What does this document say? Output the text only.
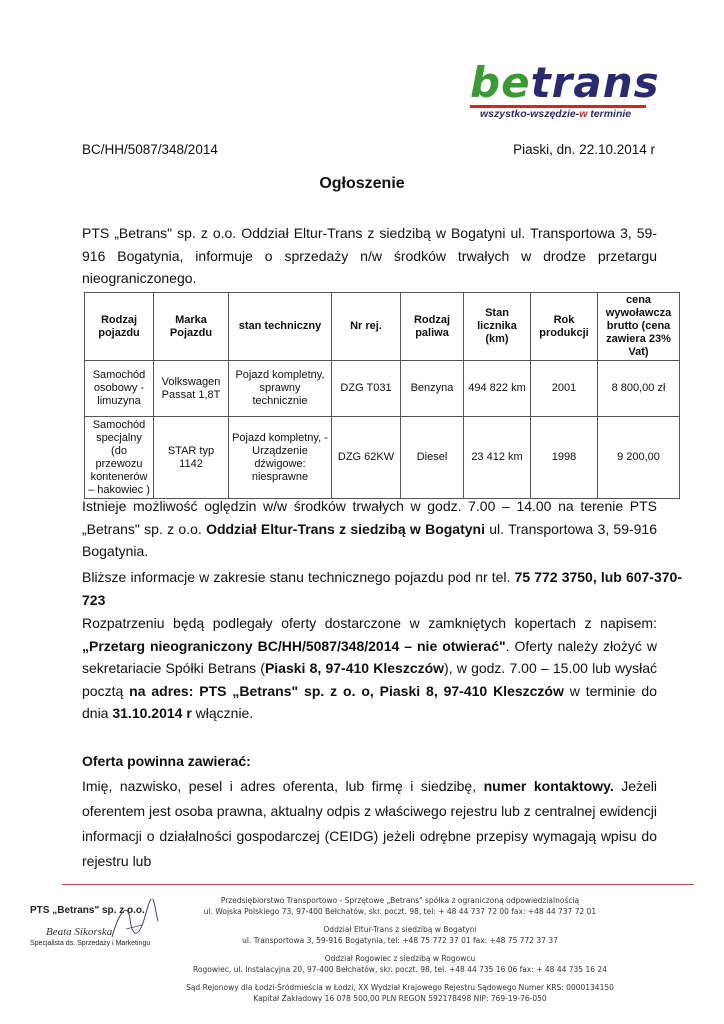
betrans
wszystko-wszędzie-w terminie
BC/HH/5087/348/2014	Piaski, dn. 22.10.2014 r
Ogłoszenie
PTS „Betrans" sp. z o.o. Oddział Eltur-Trans z siedzibą w Bogatyni ul. Transportowa 3, 59-916 Bogatynia, informuje o sprzedaży n/w środków trwałych w drodze przetargu nieograniczonego.
Rodzaj pojazdu	Marka Pojazdu	stan techniczny	Nr rej.	Rodzaj paliwa	Stan licznika (km)	Rok produkcji	cena wywoławcza brutto (cena zawiera 23% Vat)
Samochód osobowy - limuzyna	Volkswagen Passat 1,8T	Pojazd kompletny, sprawny technicznie	DZG T031	Benzyna	494 822 km	2001	8 800,00 zł
Samochód specjalny (do przewozu kontenerów – hakowiec )	STAR typ 1142	Pojazd kompletny, - Urządzenie dźwigowe: niesprawne	DZG 62KW	Diesel	23 412 km	1998	9 200,00
Istnieje możliwość oględzin w/w środków trwałych w godz. 7.00 – 14.00 na terenie PTS „Betrans" sp. z o.o. Oddział Eltur-Trans z siedzibą w Bogatyni ul. Transportowa 3, 59-916 Bogatynia.
Bliższe informacje w zakresie stanu technicznego pojazdu pod nr tel. 75 772 3750, lub 607-370-723
Rozpatrzeniu będą podlegały oferty dostarczone w zamkniętych kopertach z napisem: „Przetarg nieograniczony BC/HH/5087/348/2014 – nie otwierać". Oferty należy złożyć w sekretariacie Spółki Betrans (Piaski 8, 97-410 Kleszczów), w godz. 7.00 – 15.00 lub wysłać pocztą na adres: PTS „Betrans" sp. z o. o, Piaski 8, 97-410 Kleszczów w terminie do dnia 31.10.2014 r włącznie.
Oferta powinna zawierać:
Imię, nazwisko, pesel i adres oferenta, lub firmę i siedzibę, numer kontaktowy. Jeżeli oferentem jest osoba prawna, aktualny odpis z właściwego rejestru lub z centralnej ewidencji informacji o działalności gospodarczej (CEIDG) jeżeli odrębne przepisy wymagają wpisu do rejestru lub
PTS „Betrans" sp. z o.o.
Beata Sikorska
Specjalista ds. Sprzedaży i Marketingu
Przedsiębiorstwo Transportowo - Sprzętowe „Betrans" spółka z ograniczoną odpowiedzialnością
ul. Wojska Polskiego 73, 97-400 Bełchatów, skr. poczt. 98, tel: + 48 44 737 72 00 fax: +48 44 737 72 01
Oddział Eltur-Trans z siedzibą w Bogatyni
ul. Transportowa 3, 59-916 Bogatynia, tel: +48 75 772 37 01 fax: +48 75 772 37 37
Oddział Rogowiec z siedzibą w Rogowcu
Rogowiec, ul. Instalacyjna 20, 97-400 Bełchatów, skr. poczt. 98, tel. +48 44 735 16 06 fax: + 48 44 735 16 24
Sąd Rejonowy dla Łodzi-Śródmieścia w Łodzi, XX Wydział Krajowego Rejestru Sądowego Numer KRS: 0000134150
Kapitał Zakładowy 16 078 500,00 PLN REGON 592178498 NIP: 769-19-76-050
